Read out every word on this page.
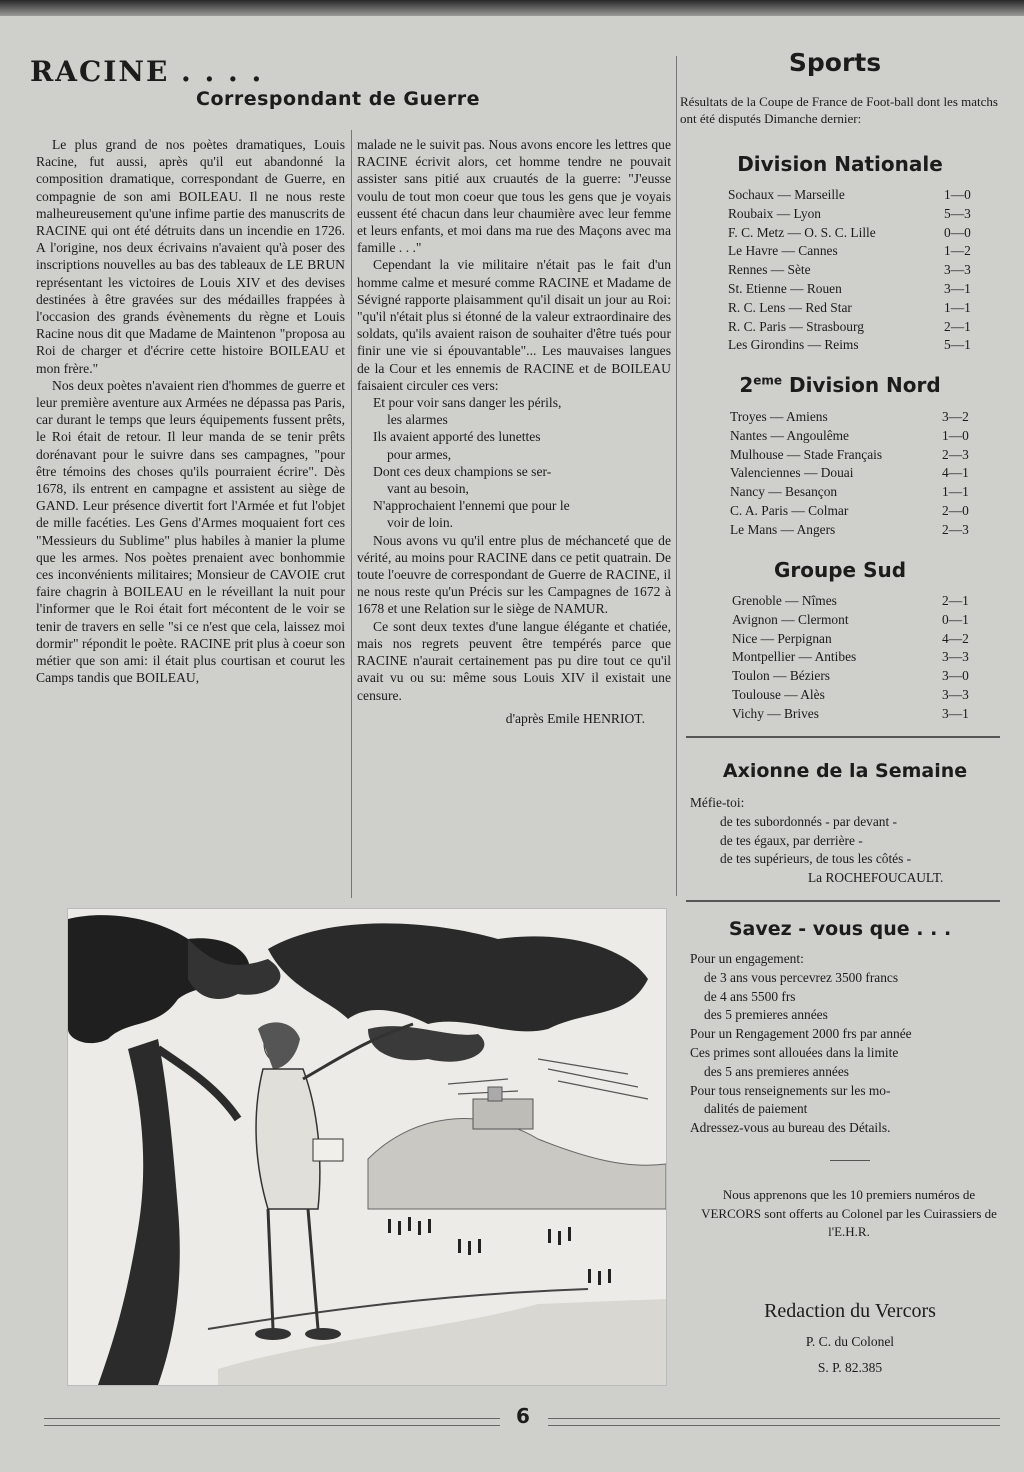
RACINE . . . .
Correspondant de Guerre

Le plus grand de nos poètes dramatiques, Louis Racine, fut aussi, après qu'il eut abandonné la composition dramatique, correspondant de Guerre, en compagnie de son ami BOILEAU. Il ne nous reste malheureusement qu'une infime partie des manuscrits de RACINE qui ont été détruits dans un incendie en 1726. A l'origine, nos deux écrivains n'avaient qu'à poser des inscriptions nouvelles au bas des tableaux de LE BRUN représentant les victoires de Louis XIV et des devises destinées à être gravées sur des médailles frappées à l'occasion des grands évènements du règne et Louis Racine nous dit que Madame de Maintenon "proposa au Roi de charger et d'écrire cette histoire BOILEAU et mon frère."

Nos deux poètes n'avaient rien d'hommes de guerre et leur première aventure aux Armées ne dépassa pas Paris, car durant le temps que leurs équipements fussent prêts, le Roi était de retour. Il leur manda de se tenir prêts dorénavant pour le suivre dans ses campagnes, "pour être témoins des choses qu'ils pourraient écrire". Dès 1678, ils entrent en campagne et assistent au siège de GAND. Leur présence divertit fort l'Armée et fut l'objet de mille facéties. Les Gens d'Armes moquaient fort ces "Messieurs du Sublime" plus habiles à manier la plume que les armes. Nos poètes prenaient avec bonhommie ces inconvénients militaires; Monsieur de CAVOIE crut faire chagrin à BOILEAU en le réveillant la nuit pour l'informer que le Roi était fort mécontent de le voir se tenir de travers en selle "si ce n'est que cela, laissez moi dormir" répondit le poète. RACINE prit plus à coeur son métier que son ami: il était plus courtisan et courut les Camps tandis que BOILEAU,

malade ne le suivit pas. Nous avons encore les lettres que RACINE écrivit alors, cet homme tendre ne pouvait assister sans pitié aux cruautés de la guerre: "J'eusse voulu de tout mon coeur que tous les gens que je voyais eussent été chacun dans leur chaumière avec leur femme et leurs enfants, et moi dans ma rue des Maçons avec ma famille . . ."

Cependant la vie militaire n'était pas le fait d'un homme calme et mesuré comme RACINE et Madame de Sévigné rapporte plaisamment qu'il disait un jour au Roi: "qu'il n'était plus si étonné de la valeur extraordinaire des soldats, qu'ils avaient raison de souhaiter d'être tués pour finir une vie si épouvantable"... Les mauvaises langues de la Cour et les ennemis de RACINE et de BOILEAU faisaient circuler ces vers:

Et pour voir sans danger les périls,

les alarmes

Ils avaient apporté des lunettes

pour armes,

Dont ces deux champions se ser-

vant au besoin,

N'approchaient l'ennemi que pour le

voir de loin.

Nous avons vu qu'il entre plus de méchanceté que de vérité, au moins pour RACINE dans ce petit quatrain. De toute l'oeuvre de correspondant de Guerre de RACINE, il ne nous reste qu'un Précis sur les Campagnes de 1672 à 1678 et une Relation sur le siège de NAMUR.

Ce sont deux textes d'une langue élégante et chatiée, mais nos regrets peuvent être tempérés parce que RACINE n'aurait certainement pas pu dire tout ce qu'il avait vu ou su: même sous Louis XIV il existait une censure.

d'après Emile HENRIOT.

Sports
Résultats de la Coupe de France de Foot-ball dont les matchs ont été disputés Dimanche dernier:
Division Nationale
Sochaux — Marseille	1—0
Roubaix — Lyon	5—3
F. C. Metz — O. S. C. Lille	0—0
Le Havre — Cannes	1—2
Rennes — Sète	3—3
St. Etienne — Rouen	3—1
R. C. Lens — Red Star	1—1
R. C. Paris — Strasbourg	2—1
Les Girondins — Reims	5—1
2eme Division Nord
Troyes — Amiens	3—2
Nantes — Angoulême	1—0
Mulhouse — Stade Français	2—3
Valenciennes — Douai	4—1
Nancy — Besançon	1—1
C. A. Paris — Colmar	2—0
Le Mans — Angers	2—3
Groupe Sud
Grenoble — Nîmes	2—1
Avignon — Clermont	0—1
Nice — Perpignan	4—2
Montpellier — Antibes	3—3
Toulon — Béziers	3—0
Toulouse — Alès	3—3
Vichy — Brives	3—1
Axionne de la Semaine
Méfie-toi:
de tes subordonnés - par devant -
de tes égaux, par derrière -
de tes supérieurs, de tous les côtés -
La ROCHEFOUCAULT.
Savez - vous que . . .
Pour un engagement:
de 3 ans vous percevrez 3500 francs
de 4 ans 5500 frs
des 5 premieres années
Pour un Rengagement 2000 frs par année
Ces primes sont allouées dans la limite
des 5 ans premieres années
Pour tous renseignements sur les mo-
dalités de paiement
Adressez-vous au bureau des Détails.
Nous apprenons que les 10 premiers numéros de VERCORS sont offerts au Colonel par les Cuirassiers de l'E.H.R.
Redaction du Vercors
P. C. du Colonel
S. P. 82.385
6
